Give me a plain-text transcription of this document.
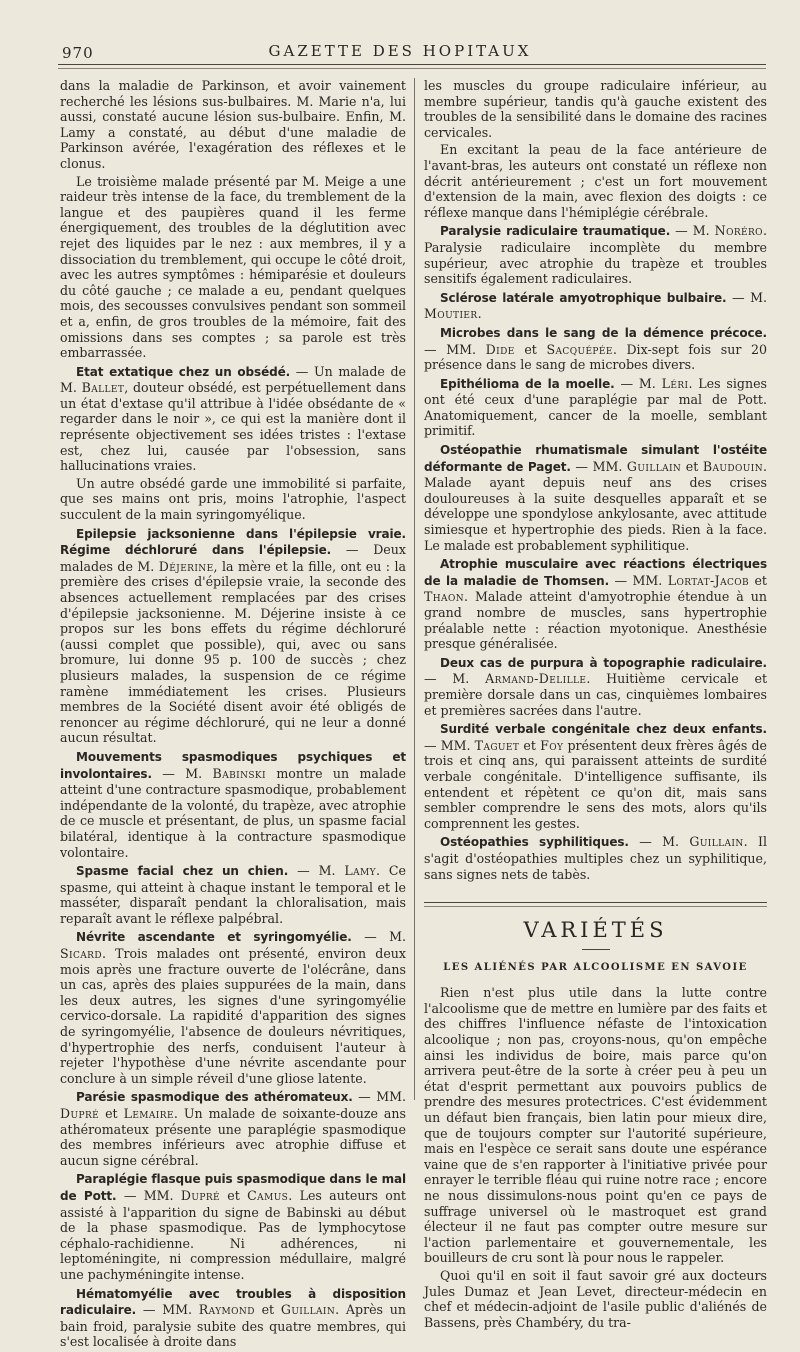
970	GAZETTE DES HOPITAUX

dans la maladie de Parkinson, et avoir vainement recherché les lésions sus-bulbaires. M. Marie n'a, lui aussi, constaté aucune lésion sus-bulbaire. Enfin, M. Lamy a constaté, au début d'une maladie de Parkinson avérée, l'exagération des réflexes et le clonus.

Le troisième malade présenté par M. Meige a une raideur très intense de la face, du tremblement de la langue et des paupières quand il les ferme énergiquement, des troubles de la déglutition avec rejet des liquides par le nez : aux membres, il y a dissociation du tremblement, qui occupe le côté droit, avec les autres symptômes : hémiparésie et douleurs du côté gauche ; ce malade a eu, pendant quelques mois, des secousses convulsives pendant son sommeil et a, enfin, de gros troubles de la mémoire, fait des omissions dans ses comptes ; sa parole est très embarrassée.

Etat extatique chez un obsédé. — Un malade de M. Ballet, douteur obsédé, est perpétuellement dans un état d'extase qu'il attribue à l'idée obsédante de « regarder dans le noir », ce qui est la manière dont il représente objectivement ses idées tristes : l'extase est, chez lui, causée par l'obsession, sans hallucinations vraies.

Un autre obsédé garde une immobilité si parfaite, que ses mains ont pris, moins l'atrophie, l'aspect succulent de la main syringomyélique.

Epilepsie jacksonienne dans l'épilepsie vraie. Régime déchloruré dans l'épilepsie. — Deux malades de M. Déjerine, la mère et la fille, ont eu : la première des crises d'épilepsie vraie, la seconde des absences actuellement remplacées par des crises d'épilepsie jacksonienne. M. Déjerine insiste à ce propos sur les bons effets du régime déchloruré (aussi complet que possible), qui, avec ou sans bromure, lui donne 95 p. 100 de succès ; chez plusieurs malades, la suspension de ce régime ramène immédiatement les crises. Plusieurs membres de la Société disent avoir été obligés de renoncer au régime déchloruré, qui ne leur a donné aucun résultat.

Mouvements spasmodiques psychiques et involontaires. — M. Babinski montre un malade atteint d'une contracture spasmodique, probablement indépendante de la volonté, du trapèze, avec atrophie de ce muscle et présentant, de plus, un spasme facial bilatéral, identique à la contracture spasmodique volontaire.

Spasme facial chez un chien. — M. Lamy. Ce spasme, qui atteint à chaque instant le temporal et le masséter, disparaît pendant la chloralisation, mais reparaît avant le réflexe palpébral.

Névrite ascendante et syringomyélie. — M. Sicard. Trois malades ont présenté, environ deux mois après une fracture ouverte de l'olécrâne, dans un cas, après des plaies suppurées de la main, dans les deux autres, les signes d'une syringomyélie cervico-dorsale. La rapidité d'apparition des signes de syringomyélie, l'absence de douleurs névritiques, d'hypertrophie des nerfs, conduisent l'auteur à rejeter l'hypothèse d'une névrite ascendante pour conclure à un simple réveil d'une gliose latente.

Parésie spasmodique des athéromateux. — MM. Dupré et Lemaire. Un malade de soixante-douze ans athéromateux présente une paraplégie spasmodique des membres inférieurs avec atrophie diffuse et aucun signe cérébral.

Paraplégie flasque puis spasmodique dans le mal de Pott. — MM. Dupré et Camus. Les auteurs ont assisté à l'apparition du signe de Babinski au début de la phase spasmodique. Pas de lymphocytose céphalo-rachidienne. Ni adhérences, ni leptoméningite, ni compression médullaire, malgré une pachyméningite intense.

Hématomyélie avec troubles à disposition radiculaire. — MM. Raymond et Guillain. Après un bain froid, paralysie subite des quatre membres, qui s'est localisée à droite dans

les muscles du groupe radiculaire inférieur, au membre supérieur, tandis qu'à gauche existent des troubles de la sensibilité dans le domaine des racines cervicales.

En excitant la peau de la face antérieure de l'avant-bras, les auteurs ont constaté un réflexe non décrit antérieurement ; c'est un fort mouvement d'extension de la main, avec flexion des doigts : ce réflexe manque dans l'hémiplégie cérébrale.

Paralysie radiculaire traumatique. — M. Noréro. Paralysie radiculaire incomplète du membre supérieur, avec atrophie du trapèze et troubles sensitifs également radiculaires.

Sclérose latérale amyotrophique bulbaire. — M. Moutier.

Microbes dans le sang de la démence précoce. — MM. Dide et Sacquépée. Dix-sept fois sur 20 présence dans le sang de microbes divers.

Epithélioma de la moelle. — M. Léri. Les signes ont été ceux d'une paraplégie par mal de Pott. Anatomiquement, cancer de la moelle, semblant primitif.

Ostéopathie rhumatismale simulant l'ostéite déformante de Paget. — MM. Guillain et Baudouin. Malade ayant depuis neuf ans des crises douloureuses à la suite desquelles apparaît et se développe une spondylose ankylosante, avec attitude simiesque et hypertrophie des pieds. Rien à la face. Le malade est probablement syphilitique.

Atrophie musculaire avec réactions électriques de la maladie de Thomsen. — MM. Lortat-Jacob et Thaon. Malade atteint d'amyotrophie étendue à un grand nombre de muscles, sans hypertrophie préalable nette : réaction myotonique. Anesthésie presque généralisée.

Deux cas de purpura à topographie radiculaire. — M. Armand-Delille. Huitième cervicale et première dorsale dans un cas, cinquièmes lombaires et premières sacrées dans l'autre.

Surdité verbale congénitale chez deux enfants. — MM. Taguet et Foy présentent deux frères âgés de trois et cinq ans, qui paraissent atteints de surdité verbale congénitale. D'intelligence suffisante, ils entendent et répètent ce qu'on dit, mais sans sembler comprendre le sens des mots, alors qu'ils comprennent les gestes.

Ostéopathies syphilitiques. — M. Guillain. Il s'agit d'ostéopathies multiples chez un syphilitique, sans signes nets de tabès.

VARIÉTÉS
LES ALIÉNÉS PAR ALCOOLISME EN SAVOIE

Rien n'est plus utile dans la lutte contre l'alcoolisme que de mettre en lumière par des faits et des chiffres l'influence néfaste de l'intoxication alcoolique ; non pas, croyons-nous, qu'on empêche ainsi les individus de boire, mais parce qu'on arrivera peut-être de la sorte à créer peu à peu un état d'esprit permettant aux pouvoirs publics de prendre des mesures protectrices. C'est évidemment un défaut bien français, bien latin pour mieux dire, que de toujours compter sur l'autorité supérieure, mais en l'espèce ce serait sans doute une espérance vaine que de s'en rapporter à l'initiative privée pour enrayer le terrible fléau qui ruine notre race ; encore ne nous dissimulons-nous point qu'en ce pays de suffrage universel où le mastroquet est grand électeur il ne faut pas compter outre mesure sur l'action parlementaire et gouvernementale, les bouilleurs de cru sont là pour nous le rappeler.

Quoi qu'il en soit il faut savoir gré aux docteurs Jules Dumaz et Jean Levet, directeur-médecin en chef et médecin-adjoint de l'asile public d'aliénés de Bassens, près Chambéry, du tra-
